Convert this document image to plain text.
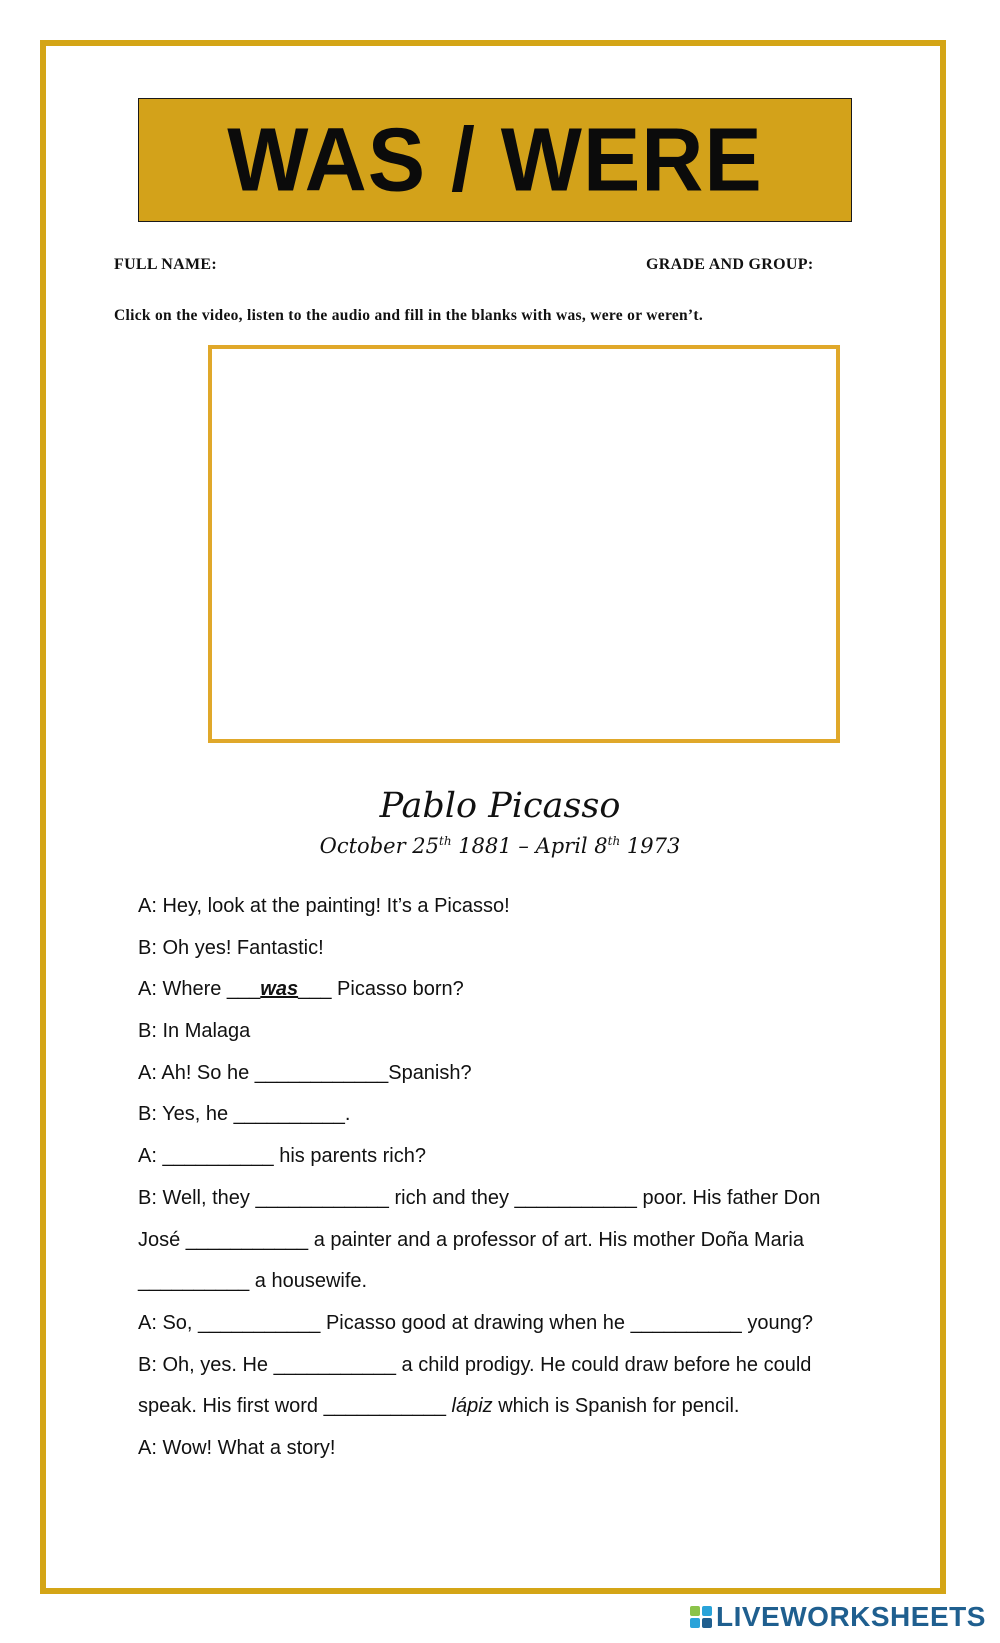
WAS / WERE
FULL NAME:	GRADE AND GROUP:
Click on the video, listen to the audio and fill in the blanks with was, were or weren’t.
Pablo Picasso
October 25th 1881 – April 8th 1973
A: Hey, look at the painting! It’s a Picasso!
B: Oh yes! Fantastic!
A: Where ___was___ Picasso born?
B: In Malaga
A: Ah! So he ____________Spanish?
B: Yes, he __________.
A: __________ his parents rich?
B: Well, they ____________ rich and they ___________ poor. His father Don
José ___________ a painter and a professor of art. His mother Doña Maria
__________ a housewife.
A: So, ___________ Picasso good at drawing when he __________ young?
B: Oh, yes. He ___________ a child prodigy. He could draw before he could
speak. His first word ___________ lápiz which is Spanish for pencil.
A: Wow! What a story!
LIVEWORKSHEETS
